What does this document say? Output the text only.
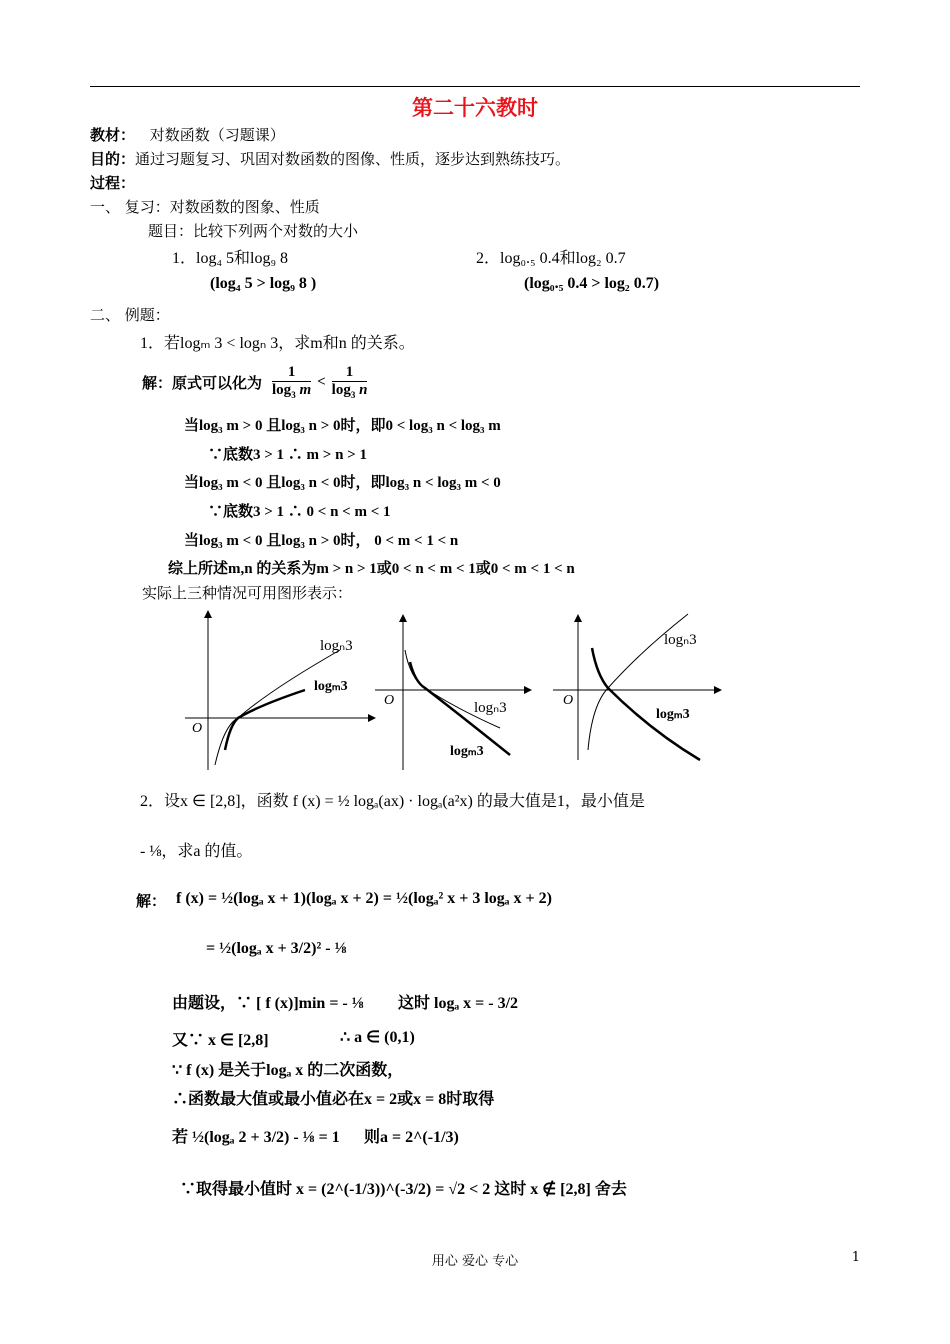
第二十六教时
教材： 对数函数（习题课）
目的：通过习题复习、巩固对数函数的图像、性质，逐步达到熟练技巧。
过程：
一、 复习：对数函数的图象、性质
题目：比较下列两个对数的大小
1．log₄ 5和log₉ 8	2．log₀.₅ 0.4和log₂ 0.7
(log₄ 5 > log₉ 8 )	(log₀.₅ 0.4 > log₂ 0.7)
二、 例题：
1．若logₘ 3 < logₙ 3，求m和n 的关系。
解：原式可以化为 $\frac{1}{\log_3 m} < \frac{1}{\log_3 n}$
当log₃ m > 0 且log₃ n > 0时，即0 < log₃ n < log₃ m
∵底数3 > 1 ∴ m > n > 1
当log₃ m < 0 且log₃ n < 0时，即log₃ n < log₃ m < 0
∵底数3 > 1 ∴ 0 < n < m < 1
当log₃ m < 0 且log₃ n > 0时， 0 < m < 1 < n
综上所述m,n 的关系为m > n > 1或0 < n < m < 1或0 < m < 1 < n
实际上三种情况可用图形表示：
O
logₙ3
logₘ3
O	logₙ3
logₘ3
O
logₙ3
logₘ3
2．设x ∈ [2,8]，函数 f (x) = ½ logₐ(ax) · logₐ(a²x) 的最大值是1，最小值是
- ⅛，求a 的值。
解： f (x) = ½(logₐ x + 1)(logₐ x + 2) = ½(logₐ² x + 3 logₐ x + 2)
= ½(logₐ x + 3/2)² - ⅛
由题设，∵ [ f (x)]min = - ⅛ 这时 logₐ x = - 3/2
又∵ x ∈ [2,8]	∴ a ∈ (0,1)
∵ f (x) 是关于logₐ x 的二次函数，
∴函数最大值或最小值必在x = 2或x = 8时取得
若 ½(logₐ 2 + 3/2) - ⅛ = 1 则a = 2^(-1/3)
∵取得最小值时 x = (2^(-1/3))^(-3/2) = √2 < 2 这时 x ∉ [2,8] 舍去
用心 爱心 专心	1
